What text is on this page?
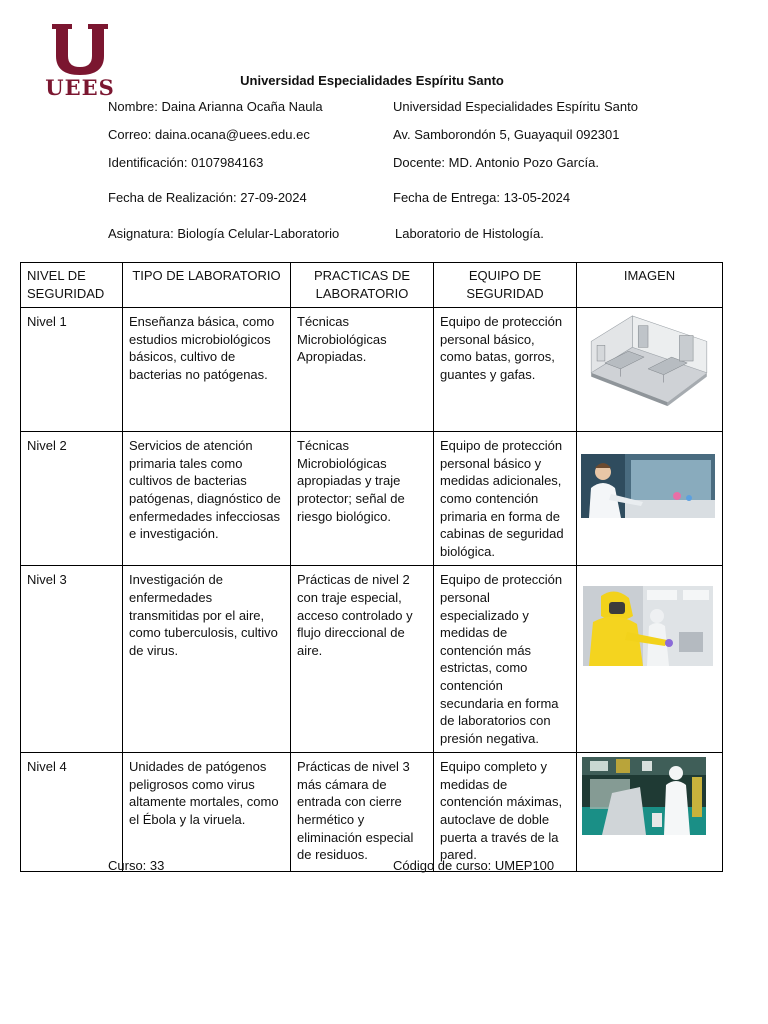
UEES	Universidad Especialidades Espíritu Santo
Nombre: Daina Arianna Ocaña Naula	Universidad Especialidades Espíritu Santo
Correo: daina.ocana@uees.edu.ec	Av. Samborondón 5, Guayaquil 092301
Identificación: 0107984163	Docente: MD. Antonio Pozo García.
Fecha de Realización: 27-09-2024	Fecha de Entrega: 13-05-2024
Asignatura: Biología Celular-Laboratorio	Laboratorio de Histología.
NIVEL DE SEGURIDAD	TIPO DE LABORATORIO	PRACTICAS DE LABORATORIO	EQUIPO DE SEGURIDAD	IMAGEN
Nivel 1	Enseñanza básica, como estudios microbiológicos básicos, cultivo de bacterias no patógenas.	Técnicas Microbiológicas Apropiadas.	Equipo de protección personal básico, como batas, gorros, guantes y gafas.	

Nivel 2	Servicios de atención primaria tales como cultivos de bacterias patógenas, diagnóstico de enfermedades infecciosas e investigación.	Técnicas Microbiológicas apropiadas y traje protector; señal de riesgo biológico.	Equipo de protección personal básico y medidas adicionales, como contención primaria en forma de cabinas de seguridad biológica.	

Nivel 3	Investigación de enfermedades transmitidas por el aire, como tuberculosis, cultivo de virus.	Prácticas de nivel 2 con traje especial, acceso controlado y flujo direccional de aire.	Equipo de protección personal especializado y medidas de contención más estrictas, como contención secundaria en forma de laboratorios con presión negativa.	

Nivel 4	Unidades de patógenos peligrosos como virus altamente mortales, como el Ébola y la viruela.	Prácticas de nivel 3 más cámara de entrada con cierre hermético y eliminación especial de residuos.	Equipo completo y medidas de contención máximas, autoclave de doble puerta a través de la pared.	
Curso: 33	Código de curso: UMEP100
